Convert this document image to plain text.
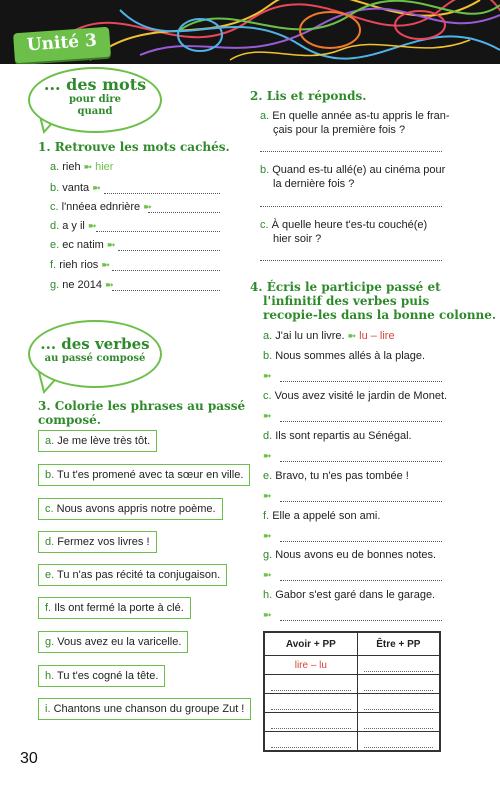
Unité 3
... des mots
pour dire
quand
1. Retrouve les mots cachés.
a. rieh ➼ hier
b. vanta ➼
c. l'nnéea ednrière ➼
d. a y il ➼
e. ec natim ➼
f. rieh rios ➼
g. ne 2014 ➼
... des verbes
au passé composé
3. Colorie les phrases au passé
composé.
a. Je me lève très tôt.
b. Tu t'es promené avec ta sœur en ville.
c. Nous avons appris notre poème.
d. Fermez vos livres !
e. Tu n'as pas récité ta conjugaison.
f. Ils ont fermé la porte à clé.
g. Vous avez eu la varicelle.
h. Tu t'es cogné la tête.
i. Chantons une chanson du groupe Zut !
2. Lis et réponds.
a. En quelle année as-tu appris le fran-
çais pour la première fois ?
b. Quand es-tu allé(e) au cinéma pour
la dernière fois ?
c. À quelle heure t'es-tu couché(e)
hier soir ?
4. Écris le participe passé et
l'infinitif des verbes puis
recopie-les dans la bonne colonne.
a. J'ai lu un livre. ➼ lu – lire
b. Nous sommes allés à la plage.
➼
c. Vous avez visité le jardin de Monet.
➼
d. Ils sont repartis au Sénégal.
➼
e. Bravo, tu n'es pas tombée !
➼
f. Elle a appelé son ami.
➼
g. Nous avons eu de bonnes notes.
➼
h. Gabor s'est garé dans le garage.
➼
Avoir + PP	Être + PP
lire – lu	

30
